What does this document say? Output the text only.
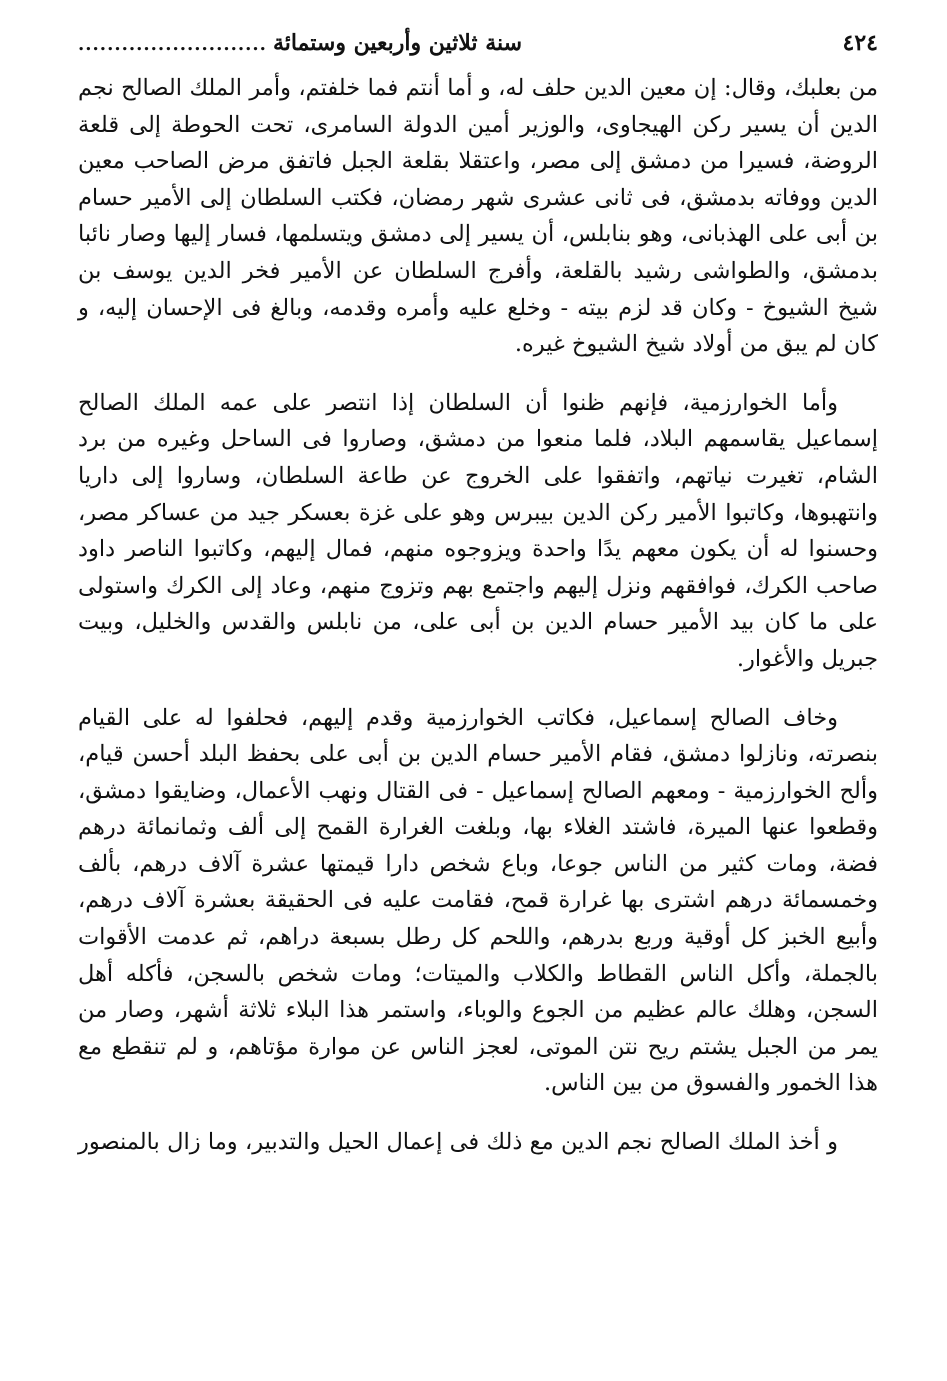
.......................... سنة ثلاثين وأربعين وستمائة	٤٢٤

من بعلبك، وقال: إن معين الدين حلف له، و أما أنتم فما خلفتم، وأمر الملك الصالح نجم الدين أن يسير ركن الهيجاوى، والوزير أمين الدولة السامرى، تحت الحوطة إلى قلعة الروضة، فسيرا من دمشق إلى مصر، واعتقلا بقلعة الجبل فاتفق مرض الصاحب معين الدين ووفاته بدمشق، فى ثانى عشرى شهر رمضان، فكتب السلطان إلى الأمير حسام بن أبى على الهذبانى، وهو بنابلس، أن يسير إلى دمشق ويتسلمها، فسار إليها وصار نائبا بدمشق، والطواشى رشيد بالقلعة، وأفرج السلطان عن الأمير فخر الدين يوسف بن شيخ الشيوخ - وكان قد لزم بيته - وخلع عليه وأمره وقدمه، وبالغ فى الإحسان إليه، و كان لم يبق من أولاد شيخ الشيوخ غيره.

وأما الخوارزمية، فإنهم ظنوا أن السلطان إذا انتصر على عمه الملك الصالح إسماعيل يقاسمهم البلاد، فلما منعوا من دمشق، وصاروا فى الساحل وغيره من برد الشام، تغيرت نياتهم، واتفقوا على الخروج عن طاعة السلطان، وساروا إلى داريا وانتهبوها، وكاتبوا الأمير ركن الدين بيبرس وهو على غزة بعسكر جيد من عساكر مصر، وحسنوا له أن يكون معهم يدًا واحدة ويزوجوه منهم، فمال إليهم، وكاتبوا الناصر داود صاحب الكرك، فوافقهم ونزل إليهم واجتمع بهم وتزوج منهم، وعاد إلى الكرك واستولى على ما كان بيد الأمير حسام الدين بن أبى على، من نابلس والقدس والخليل، وبيت جبريل والأغوار.

وخاف الصالح إسماعيل، فكاتب الخوارزمية وقدم إليهم، فحلفوا له على القيام بنصرته، ونازلوا دمشق، فقام الأمير حسام الدين بن أبى على بحفظ البلد أحسن قيام، وألح الخوارزمية - ومعهم الصالح إسماعيل - فى القتال ونهب الأعمال، وضايقوا دمشق، وقطعوا عنها الميرة، فاشتد الغلاء بها، وبلغت الغرارة القمح إلى ألف وثمانمائة درهم فضة، ومات كثير من الناس جوعا، وباع شخص دارا قيمتها عشرة آلاف درهم، بألف وخمسمائة درهم اشترى بها غرارة قمح، فقامت عليه فى الحقيقة بعشرة آلاف درهم، وأبيع الخبز كل أوقية وربع بدرهم، واللحم كل رطل بسبعة دراهم، ثم عدمت الأقوات بالجملة، وأكل الناس القطاط والكلاب والميتات؛ ومات شخص بالسجن، فأكله أهل السجن، وهلك عالم عظيم من الجوع والوباء، واستمر هذا البلاء ثلاثة أشهر، وصار من يمر من الجبل يشتم ريح نتن الموتى، لعجز الناس عن موارة مؤتاهم، و لم تنقطع مع هذا الخمور والفسوق من بين الناس.

و أخذ الملك الصالح نجم الدين مع ذلك فى إعمال الحيل والتدبير، وما زال بالمنصور
